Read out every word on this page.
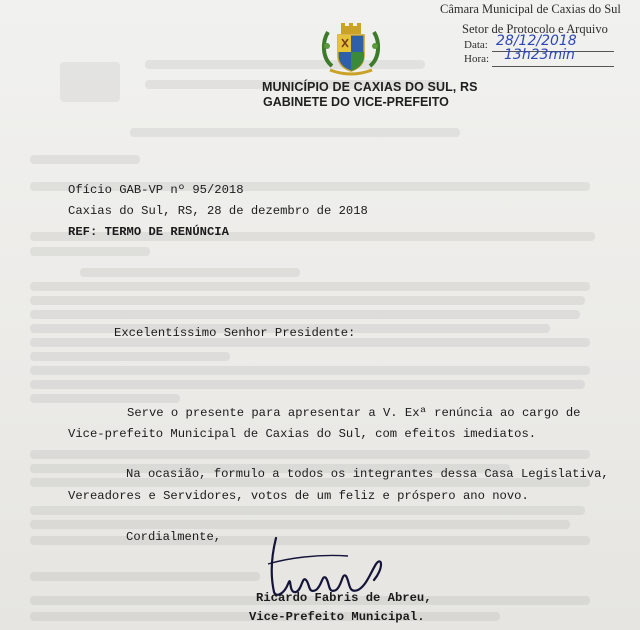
Câmara Municipal de Caxias do Sul
Setor de Protocolo e Arquivo
Data: 28/12/2018
Hora: 13h23min
MUNICÍPIO DE CAXIAS DO SUL, RS
GABINETE DO VICE-PREFEITO
Ofício GAB-VP nº 95/2018
Caxias do Sul, RS, 28 de dezembro de 2018
REF: TERMO DE RENÚNCIA
Excelentíssimo Senhor Presidente:
Serve o presente para apresentar a V. Exª renúncia ao cargo de
Vice-prefeito Municipal de Caxias do Sul, com efeitos imediatos.
Na ocasião, formulo a todos os integrantes dessa Casa Legislativa,
Vereadores e Servidores, votos de um feliz e próspero ano novo.
Cordialmente,
Ricardo Fabris de Abreu,
Vice-Prefeito Municipal.
